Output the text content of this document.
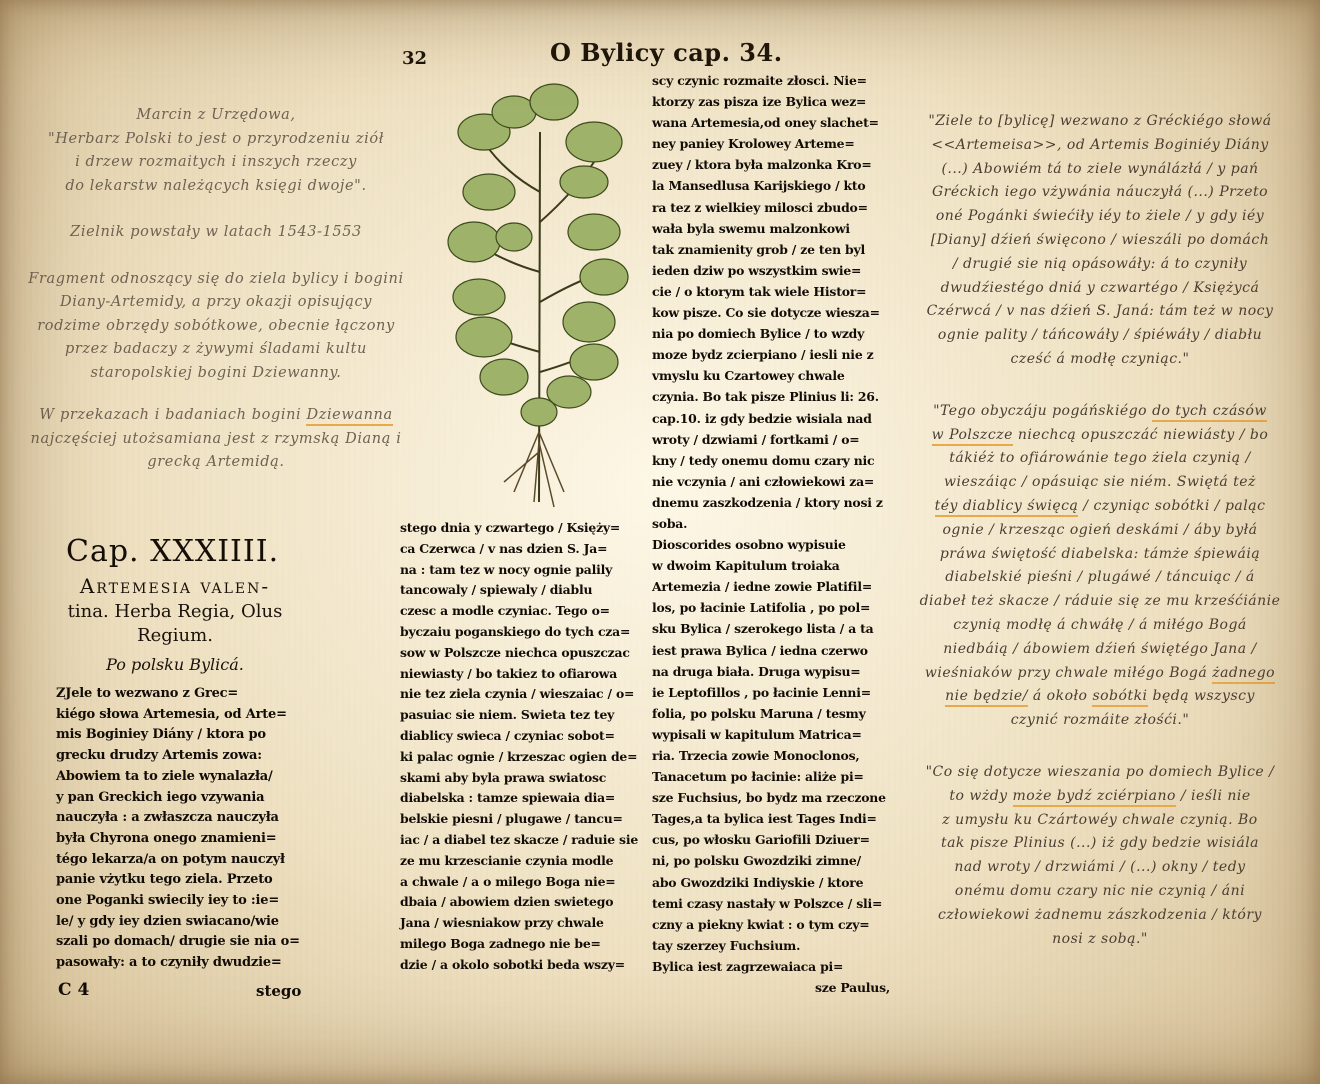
Marcin z Urzędowa,
"Herbarz Polski to jest o przyrodzeniu ziół
i drzew rozmaitych i inszych rzeczy
do lekarstw należących księgi dwoje".

Zielnik powstały w latach 1543-1553

Fragment odnoszący się do ziela bylicy i bogini
Diany-Artemidy, a przy okazji opisujący
rodzime obrzędy sobótkowe, obecnie łączony
przez badaczy z żywymi śladami kultu
staropolskiej bogini Dziewanny.

W przekazach i badaniach bogini Dziewanna
najczęściej utożsamiana jest z rzymską Dianą i
grecką Artemidą.

32	O Bylicy cap. 34.
Cap. XXXIIII.
Artemesia valen-
tina. Herba Regia, Olus
Regium.
Po polsku Bylicá.
ZJele to wezwano z Grec=
kiégo słowa Artemesia, od Arte=
mis Boginiey Diány / ktora po
grecku drudzy Artemis zowa:
Abowiem ta to ziele wynalazła/
y pan Greckich iego vzywania
nauczyła : a zwłaszcza nauczyła
była Chyrona onego znamieni=
tégo lekarza/a on potym nauczył
panie vżytku tego ziela. Przeto
one Poganki swiecily iey to :ie=
le/ y gdy iey dzien swiacano/wie
szali po domach/ drugie sie nia o=
pasowały: a to czyniły dwudzie=
C 4	stego
stego dnia y czwartego / Księży=
ca Czerwca / v nas dzien S. Ja=
na : tam tez w nocy ognie palily
tancowaly / spiewaly / diablu
czesc a modle czyniac. Tego o=
byczaiu poganskiego do tych cza=
sow w Polszcze niechca opuszczac
niewiasty / bo takiez to ofiarowa
nie tez ziela czynia / wieszaiac / o=
pasuiac sie niem. Swieta tez tey
diablicy swieca / czyniac sobot=
ki palac ognie / krzeszac ogien de=
skami aby byla prawa swiatosc
diabelska : tamze spiewaia dia=
belskie piesni / plugawe / tancu=
iac / a diabel tez skacze / raduie sie
ze mu krzescianie czynia modle
a chwale / a o milego Boga nie=
dbaia / abowiem dzien swietego
Jana / wiesniakow przy chwale
milego Boga zadnego nie be=
dzie / a okolo sobotki beda wszy=
scy czynic rozmaite złosci. Nie=
ktorzy zas pisza ize Bylica wez=
wana Artemesia,od oney slachet=
ney paniey Krolowey Arteme=
zuey / ktora była malzonka Kro=
la Mansedlusa Karijskiego / kto
ra tez z wielkiey milosci zbudo=
wała byla swemu malzonkowi
tak znamienity grob / ze ten byl
ieden dziw po wszystkim swie=
cie / o ktorym tak wiele Histor=
kow pisze. Co sie dotycze wiesza=
nia po domiech Bylice / to wzdy
moze bydz zcierpiano / iesli nie z
vmyslu ku Czartowey chwale
czynia. Bo tak pisze Plinius li: 26.
cap.10. iz gdy bedzie wisiala nad
wroty / dzwiami / fortkami / o=
kny / tedy onemu domu czary nic
nie vczynia / ani człowiekowi za=
dnemu zaszkodzenia / ktory nosi z
soba.
Dioscorides osobno wypisuie
w dwoim Kapitulum troiaka
Artemezia / iedne zowie Platifil=
los, po łacinie Latifolia , po pol=
sku Bylica / szerokego lista / a ta
iest prawa Bylica / iedna czerwo
na druga biała. Druga wypisu=
ie Leptofillos , po łacinie Lenni=
folia, po polsku Maruna / tesmy
wypisali w kapitulum Matrica=
ria. Trzecia zowie Monoclonos,
Tanacetum po łacinie: aliże pi=
sze Fuchsius, bo bydz ma rzeczone
Tages,a ta bylica iest Tages Indi=
cus, po włosku Gariofili Dziuer=
ni, po polsku Gwozdziki zimne/
abo Gwozdziki Indiyskie / ktore
temi czasy nastały w Polszce / sli=
czny a piekny kwiat : o tym czy=
tay szerzey Fuchsium.
Bylica iest zagrzewaiaca pi=
sze Paulus,

"Ziele to [bylicę] wezwano z Gréckiégo słowá
<<Artemeisa>>, od Artemis Boginiéy Diány
(...) Abowiém tá to ziele wynálázłá / y pań
Gréckich iego vżywánia náuczyłá (...) Przeto
oné Pogánki świećiły iéy to żiele / y gdy iéy
[Diany] dźień święcono / wieszáli po domách
/ drugié sie nią opásowáły: á to czyniły
dwudźiestégo dniá y czwartégo / Księżycá
Czérwcá / v nas dźień S. Janá: tám też w nocy
ognie pality / táńcowáły / śpiéwáły / diabłu
cześć á modłę czyniąc."

"Tego obyczáju pogáńskiégo do tych czásów
w Polszcze niechcą opuszczáć niewiásty / bo
tákiéż to ofiárowánie tego żiela czynią /
wieszáiąc / opásuiąc sie niém. Swiętá też
téy diablicy święcą / czyniąc sobótki / paląc
ognie / krzesząc ogień deskámi / áby byłá
práwa świętość diabelska: támże śpiewáią
diabelskié pieśni / plugáwé / táncuiąc / á
diabeł też skacze / ráduie się ze mu krześćiánie
czynią modłę á chwáłę / á miłégo Bogá
niedbáią / ábowiem dźień świętégo Jana /
wieśniaków przy chwale miłégo Bogá żadnego
nie będzie/ á około sobótki będą wszyscy
czynić rozmáite złośći."

"Co się dotycze wieszania po domiech Bylice /
to wżdy może bydź zciérpiano / ieśli nie
z umysłu ku Czártowéy chwale czynią. Bo
tak pisze Plinius (...) iż gdy bedzie wisiála
nad wroty / drzwiámi / (...) okny / tedy
onému domu czary nic nie czynią / áni
człowiekowi żadnemu zászkodzenia / który
nosi z sobą."
